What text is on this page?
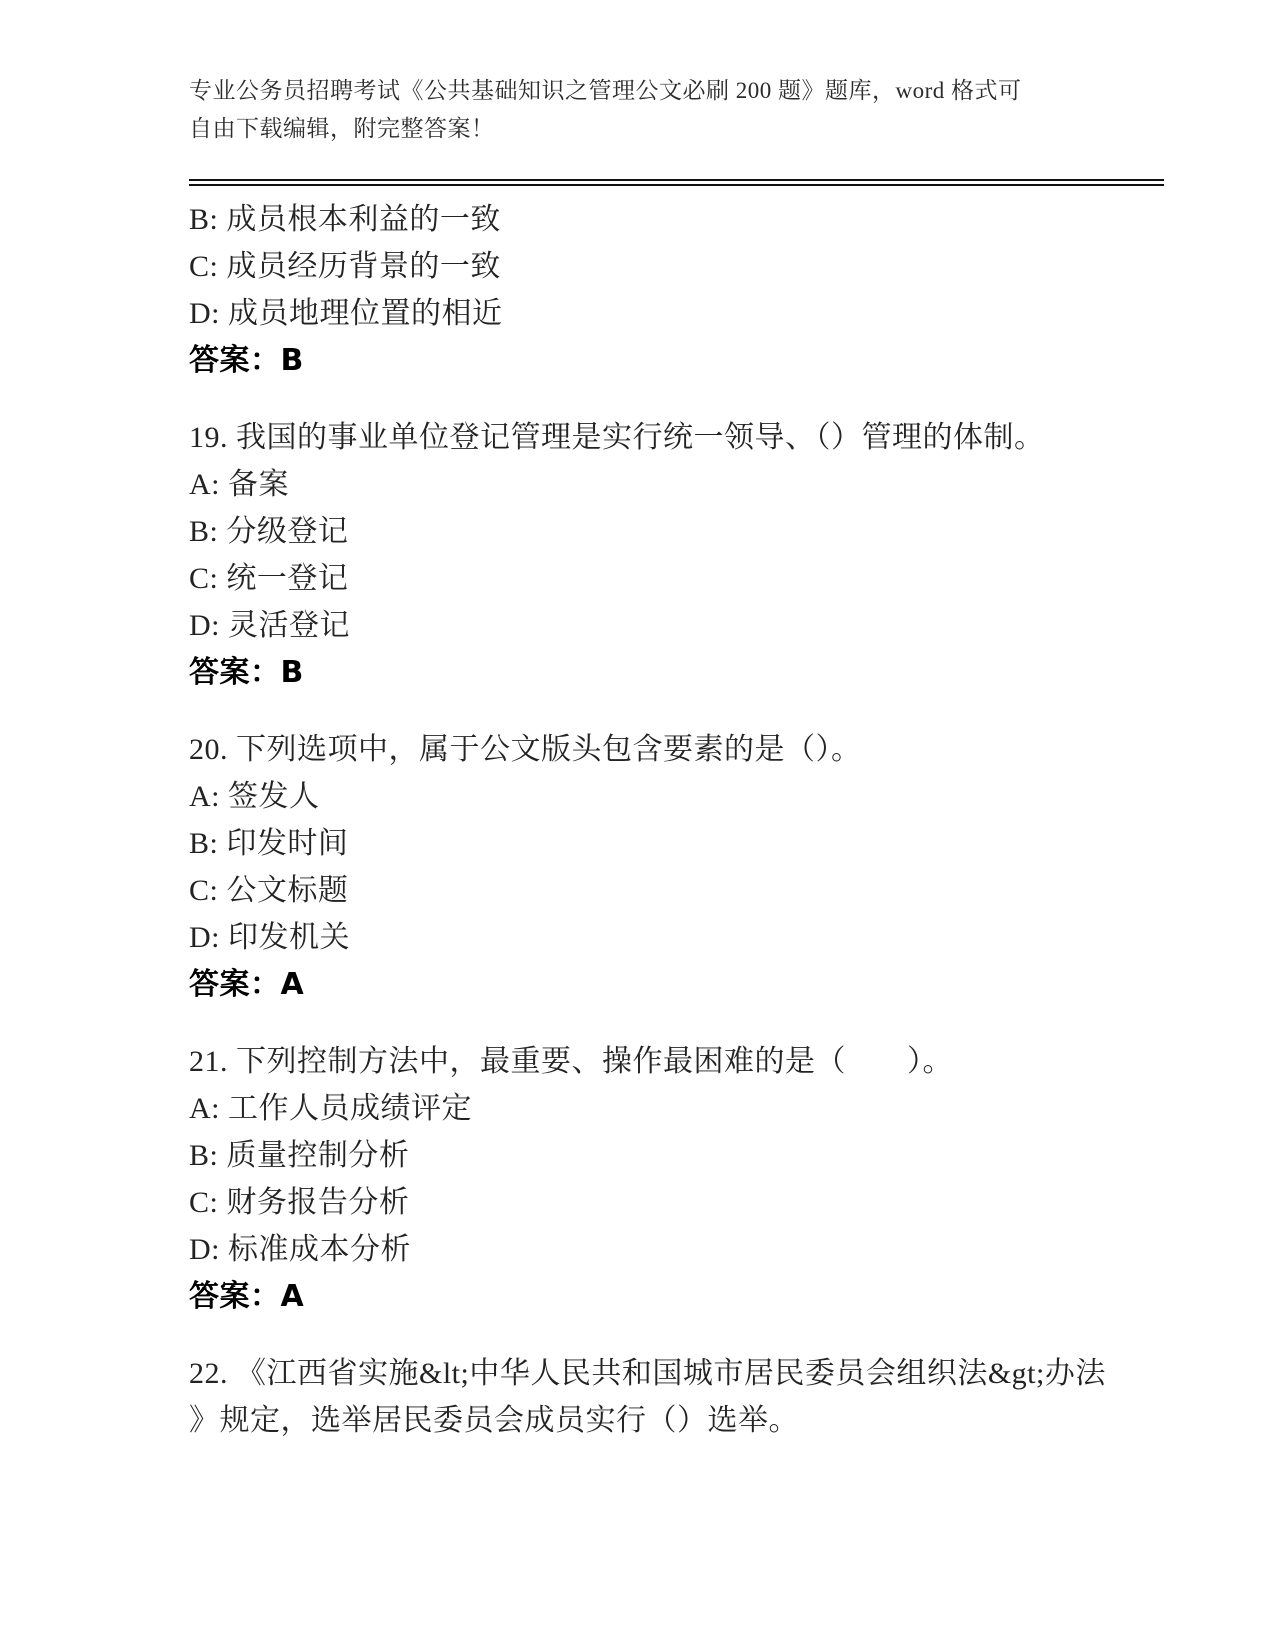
专业公务员招聘考试《公共基础知识之管理公文必刷 200 题》题库，word 格式可
自由下载编辑，附完整答案！

B: 成员根本利益的一致

C: 成员经历背景的一致

D: 成员地理位置的相近

答案：B

19. 我国的事业单位登记管理是实行统一领导、（）管理的体制。

A: 备案

B: 分级登记

C: 统一登记

D: 灵活登记

答案：B

20. 下列选项中，属于公文版头包含要素的是（）。

A: 签发人

B: 印发时间

C: 公文标题

D: 印发机关

答案：A

21. 下列控制方法中，最重要、操作最困难的是（　　）。

A: 工作人员成绩评定

B: 质量控制分析

C: 财务报告分析

D: 标准成本分析

答案：A

22. 《江西省实施&lt;中华人民共和国城市居民委员会组织法&gt;办法

》规定，选举居民委员会成员实行（）选举。
